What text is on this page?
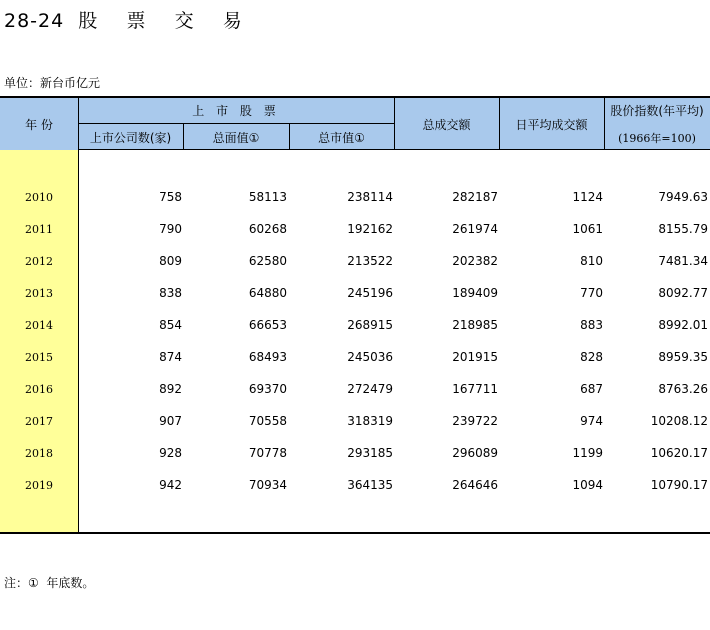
28-24  股    票    交    易
单位：新台币亿元
年 份
上 市 股 票
上市公司数(家)	总面值①	总市值①
总成交额	日平均成交额
股价指数(年平均)
(1966年=100)
2010	758	58113	238114	282187	1124	7949.63
2011	790	60268	192162	261974	1061	8155.79
2012	809	62580	213522	202382	810	7481.34
2013	838	64880	245196	189409	770	8092.77
2014	854	66653	268915	218985	883	8992.01
2015	874	68493	245036	201915	828	8959.35
2016	892	69370	272479	167711	687	8763.26
2017	907	70558	318319	239722	974	10208.12
2018	928	70778	293185	296089	1199	10620.17
2019	942	70934	364135	264646	1094	10790.17
注：①  年底数。
